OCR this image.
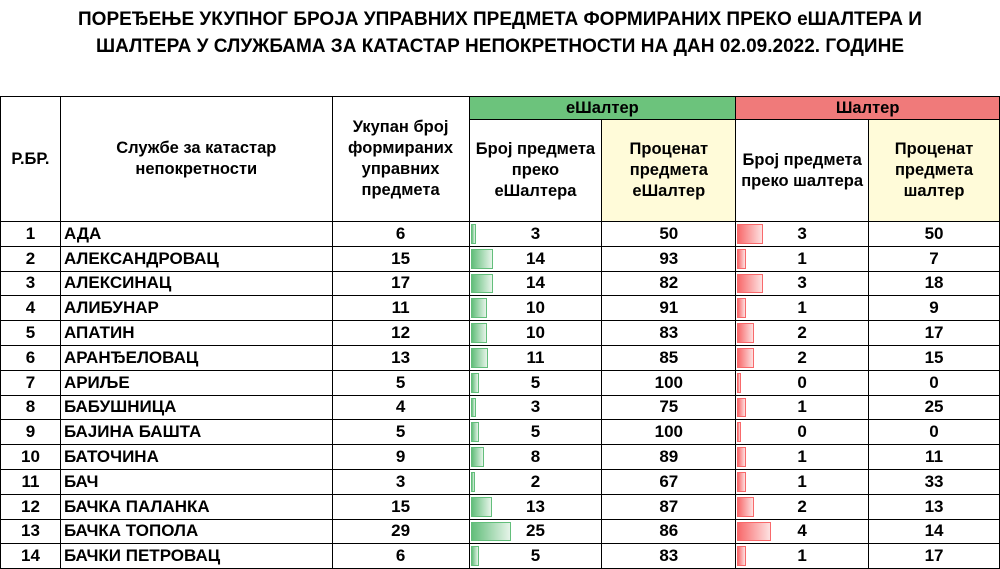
ПОРЕЂЕЊЕ УКУПНОГ БРОЈА УПРАВНИХ ПРЕДМЕТА ФОРМИРАНИХ ПРЕКО еШАЛТЕРА И
ШАЛТЕРА У СЛУЖБАМА ЗА КАТАСТАР НЕПОКРЕТНОСТИ НА ДАН 02.09.2022. ГОДИНЕ
Р.БР.	Службе за катастар непокретности	Укупан број формираних управних предмета	еШалтер		Шалтер	
			Број предмета преко еШалтера	Проценат предмета еШалтер	Број предмета преко шалтера	Проценат предмета шалтер
1	АДА	6	3	50	3	50
2	АЛЕКСАНДРОВАЦ	15	14	93	1	7
3	АЛЕКСИНАЦ	17	14	82	3	18
4	АЛИБУНАР	11	10	91	1	9
5	АПАТИН	12	10	83	2	17
6	АРАНЂЕЛОВАЦ	13	11	85	2	15
7	АРИЉЕ	5	5	100	0	0
8	БАБУШНИЦА	4	3	75	1	25
9	БАЈИНА БАШТА	5	5	100	0	0
10	БАТОЧИНА	9	8	89	1	11
11	БАЧ	3	2	67	1	33
12	БАЧКА ПАЛАНКА	15	13	87	2	13
13	БАЧКА ТОПОЛА	29	25	86	4	14
14	БАЧКИ ПЕТРОВАЦ	6	5	83	1	17
